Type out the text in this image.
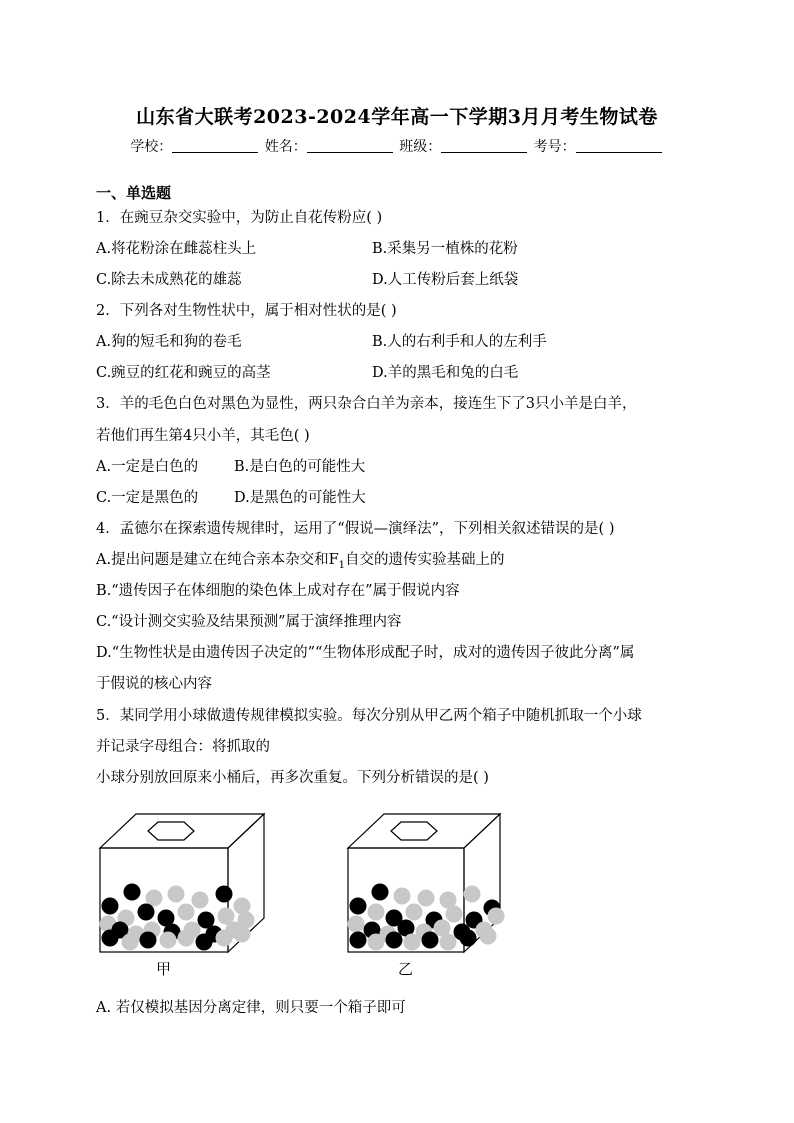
山东省大联考2023-2024学年高一下学期3月月考生物试卷
学校：	姓名：	班级：	考号：
一、单选题
1．在豌豆杂交实验中，为防止自花传粉应( )
A.将花粉涂在雌蕊柱头上	B.采集另一植株的花粉
C.除去未成熟花的雄蕊	D.人工传粉后套上纸袋
2．下列各对生物性状中，属于相对性状的是( )
A.狗的短毛和狗的卷毛	B.人的右利手和人的左利手
C.豌豆的红花和豌豆的高茎	D.羊的黑毛和兔的白毛
3．羊的毛色白色对黑色为显性，两只杂合白羊为亲本，接连生下了3只小羊是白羊，
若他们再生第4只小羊，其毛色( )
A.一定是白色的 B.是白色的可能性大
C.一定是黑色的 D.是黑色的可能性大
4．孟德尔在探索遗传规律时，运用了“假说—演绎法”，下列相关叙述错误的是( )
A.提出问题是建立在纯合亲本杂交和$F_1$自交的遗传实验基础上的
B.“遗传因子在体细胞的染色体上成对存在”属于假说内容
C.“设计测交实验及结果预测”属于演绎推理内容
D.“生物性状是由遗传因子决定的”“生物体形成配子时，成对的遗传因子彼此分离”属
于假说的核心内容
5．某同学用小球做遗传规律模拟实验。每次分别从甲乙两个箱子中随机抓取一个小球
并记录字母组合：将抓取的
小球分别放回原来小桶后，再多次重复。下列分析错误的是( )
甲	乙
A. 若仅模拟基因分离定律，则只要一个箱子即可
